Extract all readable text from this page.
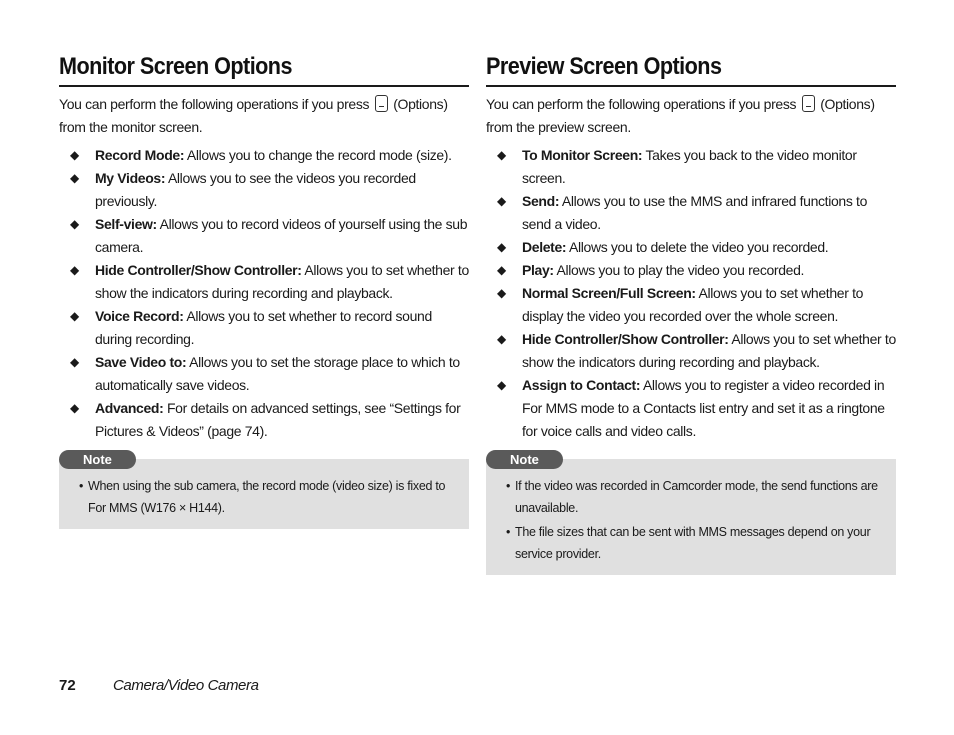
Monitor Screen Options

You can perform the following operations if you press (Options) from the monitor screen.

◆ Record Mode: Allows you to change the record mode (size).
◆ My Videos: Allows you to see the videos you recorded previously.
◆ Self-view: Allows you to record videos of yourself using the sub camera.
◆ Hide Controller/Show Controller: Allows you to set whether to show the indicators during recording and playback.
◆ Voice Record: Allows you to set whether to record sound during recording.
◆ Save Video to: Allows you to set the storage place to which to automatically save videos.
◆ Advanced: For details on advanced settings, see “Settings for Pictures & Videos” (page 74).
Note

• When using the sub camera, the record mode (video size) is fixed to For MMS (W176 × H144).

Preview Screen Options

You can perform the following operations if you press (Options) from the preview screen.

◆ To Monitor Screen: Takes you back to the video monitor screen.
◆ Send: Allows you to use the MMS and infrared functions to send a video.
◆ Delete: Allows you to delete the video you recorded.
◆ Play: Allows you to play the video you recorded.
◆ Normal Screen/Full Screen: Allows you to set whether to display the video you recorded over the whole screen.
◆ Hide Controller/Show Controller: Allows you to set whether to show the indicators during recording and playback.
◆ Assign to Contact: Allows you to register a video recorded in For MMS mode to a Contacts list entry and set it as a ringtone for voice calls and video calls.
Note

• If the video was recorded in Camcorder mode, the send functions are unavailable.

• The file sizes that can be sent with MMS messages depend on your service provider.

72 Camera/Video Camera
